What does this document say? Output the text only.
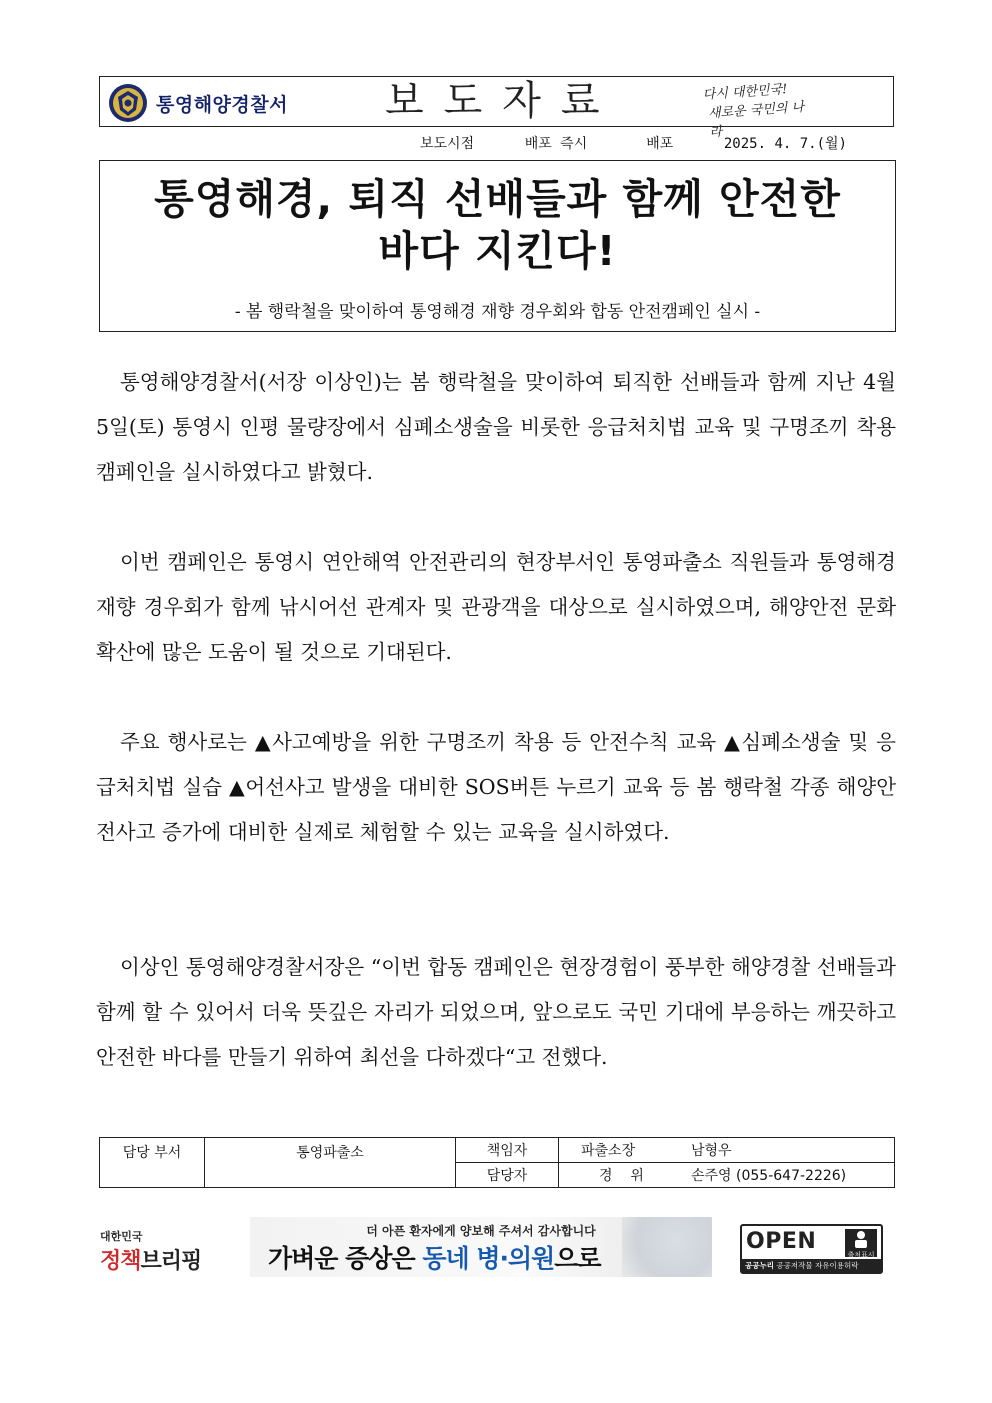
통영해양경찰서 보도자료	다시 대한민국!
새로운 국민의 나라
보도시점	배포 즉시	배포	2025. 4. 7.(월)
통영해경, 퇴직 선배들과 함께 안전한
바다 지킨다!
- 봄 행락철을 맞이하여 통영해경 재향 경우회와 합동 안전캠페인 실시 -

통영해양경찰서(서장 이상인)는 봄 행락철을 맞이하여 퇴직한 선배들과 함께 지난 4월 5일(토) 통영시 인평 물량장에서 심폐소생술을 비롯한 응급처치법 교육 및 구명조끼 착용 캠페인을 실시하였다고 밝혔다.

이번 캠페인은 통영시 연안해역 안전관리의 현장부서인 통영파출소 직원들과 통영해경 재향 경우회가 함께 낚시어선 관계자 및 관광객을 대상으로 실시하였으며, 해양안전 문화 확산에 많은 도움이 될 것으로 기대된다.

주요 행사로는 ▲사고예방을 위한 구명조끼 착용 등 안전수칙 교육 ▲심폐소생술 및 응급처치법 실습 ▲어선사고 발생을 대비한 SOS버튼 누르기 교육 등 봄 행락철 각종 해양안전사고 증가에 대비한 실제로 체험할 수 있는 교육을 실시하였다.

이상인 통영해양경찰서장은 “이번 합동 캠페인은 현장경험이 풍부한 해양경찰 선배들과 함께 할 수 있어서 더욱 뜻깊은 자리가 되었으며, 앞으로도 국민 기대에 부응하는 깨끗하고 안전한 바다를 만들기 위하여 최선을 다하겠다“고 전했다.

담당 부서	통영파출소	책임자	파출소장 남형우
		담당자	경    위 손주영 (055-647-2226)
대한민국
정책브리핑
더 아픈 환자에게 양보해 주셔서 감사합니다
가벼운 증상은 동네 병·의원으로
OPEN
출처표시
공공누리 공공저작물 자유이용허락
